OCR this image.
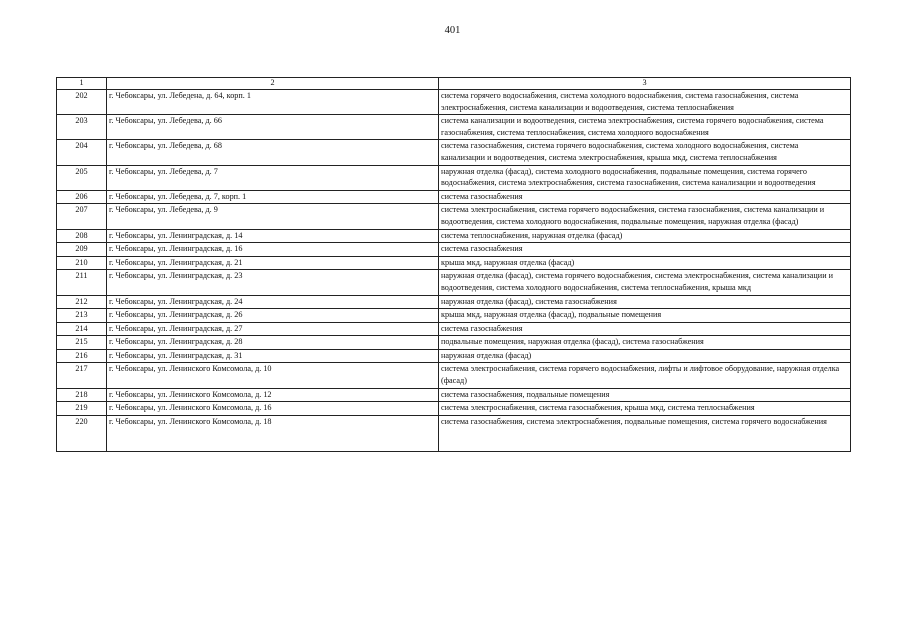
401
1	2	3
202	г. Чебоксары, ул. Лебедена, д. 64, корп. 1	система горячего водоснабжения, система холодного водоснабжения, система газоснабжения, система электроснабжения, система канализации и водоотведения, система теплоснабжения
203	г. Чебоксары, ул. Лебедева, д. 66	система канализации и водоотведения, система электроснабжения, система горячего водоснабжения, система газоснабжения, система теплоснабжения, система холодного водоснабжения
204	г. Чебоксары, ул. Лебедева, д. 68	система газоснабжения, система горячего водоснабжения, система холодного водоснабжения, система канализации и водоотведения, система электроснабжения, крыша мкд, система теплоснабжения
205	г. Чебоксары, ул. Лебедева, д. 7	наружная отделка (фасад), система холодного водоснабжения, подвальные помещения, система горячего водоснабжения, система электроснабжения, система газоснабжения, система канализации и водоотведения
206	г. Чебоксары, ул. Лебедева, д. 7, корп. 1	система газоснабжения
207	г. Чебоксары, ул. Лебедева, д. 9	система электроснабжения, система горячего водоснабжения, система газоснабжения, система канализации и водоотведения, система холодного водоснабжения, подвальные помещения, наружная отделка (фасад)
208	г. Чебоксары, ул. Ленинградская, д. 14	система теплоснабжения, наружная отделка (фасад)
209	г. Чебоксары, ул. Ленинградская, д. 16	система газоснабжения
210	г. Чебоксары, ул. Ленинградская, д. 21	крыша мкд, наружная отделка (фасад)
211	г. Чебоксары, ул. Ленинградская, д. 23	наружная отделка (фасад), система горячего водоснабжения, система электроснабжения, система канализации и водоотведения, система холодного водоснабжения, система теплоснабжения, крыша мкд
212	г. Чебоксары, ул. Ленинградская, д. 24	наружная отделка (фасад), система газоснабжения
213	г. Чебоксары, ул. Ленинградская, д. 26	крыша мкд, наружная отделка (фасад), подвальные помещения
214	г. Чебоксары, ул. Ленинградская, д. 27	система газоснабжения
215	г. Чебоксары, ул. Ленинградская, д. 28	подвальные помещения, наружная отделка (фасад), система газоснабжения
216	г. Чебоксары, ул. Ленинградская, д. 31	наружная отделка (фасад)
217	г. Чебоксары, ул. Ленинского Комсомола, д. 10	система электроснабжения, система горячего водоснабжения, лифты и лифтовое оборудование, наружная отделка (фасад)
218	г. Чебоксары, ул. Ленинского Комсомола, д. 12	система газоснабжения, подвальные помещения
219	г. Чебоксары, ул. Ленинского Комсомола, д. 16	система электроснабжения, система газоснабжения, крыша мкд, система теплоснабжения
220	г. Чебоксары, ул. Ленинского Комсомола, д. 18	система газоснабжения, система электроснабжения, подвальные помещения, система горячего водоснабжения
